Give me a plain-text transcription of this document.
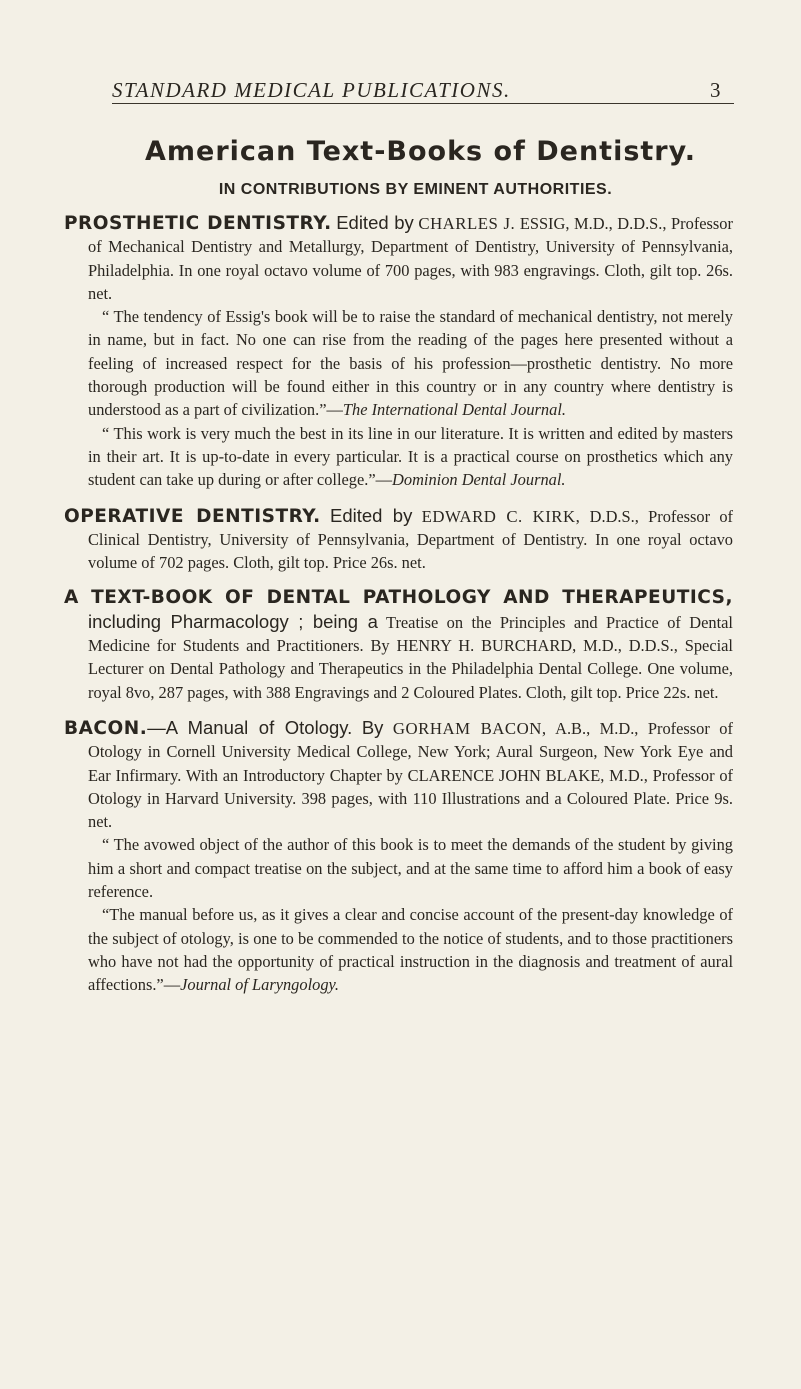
STANDARD MEDICAL PUBLICATIONS.	3
American Text-Books of Dentistry.
IN CONTRIBUTIONS BY EMINENT AUTHORITIES.

PROSTHETIC DENTISTRY. Edited by CHARLES J. ESSIG, M.D., D.D.S., Professor of Mechanical Dentistry and Metallurgy, Department of Dentistry, University of Pennsylvania, Philadelphia. In one royal octavo volume of 700 pages, with 983 engravings. Cloth, gilt top. 26s. net.

“ The tendency of Essig's book will be to raise the standard of mechanical dentistry, not merely in name, but in fact. No one can rise from the reading of the pages here presented without a feeling of increased respect for the basis of his profession—prosthetic dentistry. No more thorough production will be found either in this country or in any country where dentistry is understood as a part of civilization.”—The International Dental Journal.

“ This work is very much the best in its line in our literature. It is written and edited by masters in their art. It is up-to-date in every particular. It is a practical course on prosthetics which any student can take up during or after college.”—Dominion Dental Journal.

OPERATIVE DENTISTRY. Edited by EDWARD C. KIRK, D.D.S., Professor of Clinical Dentistry, University of Pennsylvania, Department of Dentistry. In one royal octavo volume of 702 pages. Cloth, gilt top. Price 26s. net.

A TEXT-BOOK OF DENTAL PATHOLOGY AND THERAPEUTICS, including Pharmacology ; being a Treatise on the Principles and Practice of Dental Medicine for Students and Practitioners. By HENRY H. BURCHARD, M.D., D.D.S., Special Lecturer on Dental Pathology and Therapeutics in the Philadelphia Dental College. One volume, royal 8vo, 287 pages, with 388 Engravings and 2 Coloured Plates. Cloth, gilt top. Price 22s. net.

BACON.—A Manual of Otology. By GORHAM BACON, A.B., M.D., Professor of Otology in Cornell University Medical College, New York; Aural Surgeon, New York Eye and Ear Infirmary. With an Introductory Chapter by CLARENCE JOHN BLAKE, M.D., Professor of Otology in Harvard University. 398 pages, with 110 Illustrations and a Coloured Plate. Price 9s. net.

“ The avowed object of the author of this book is to meet the demands of the student by giving him a short and compact treatise on the subject, and at the same time to afford him a book of easy reference.

“The manual before us, as it gives a clear and concise account of the present-day knowledge of the subject of otology, is one to be commended to the notice of students, and to those practitioners who have not had the opportunity of practical instruction in the diagnosis and treatment of aural affections.”—Journal of Laryngology.
